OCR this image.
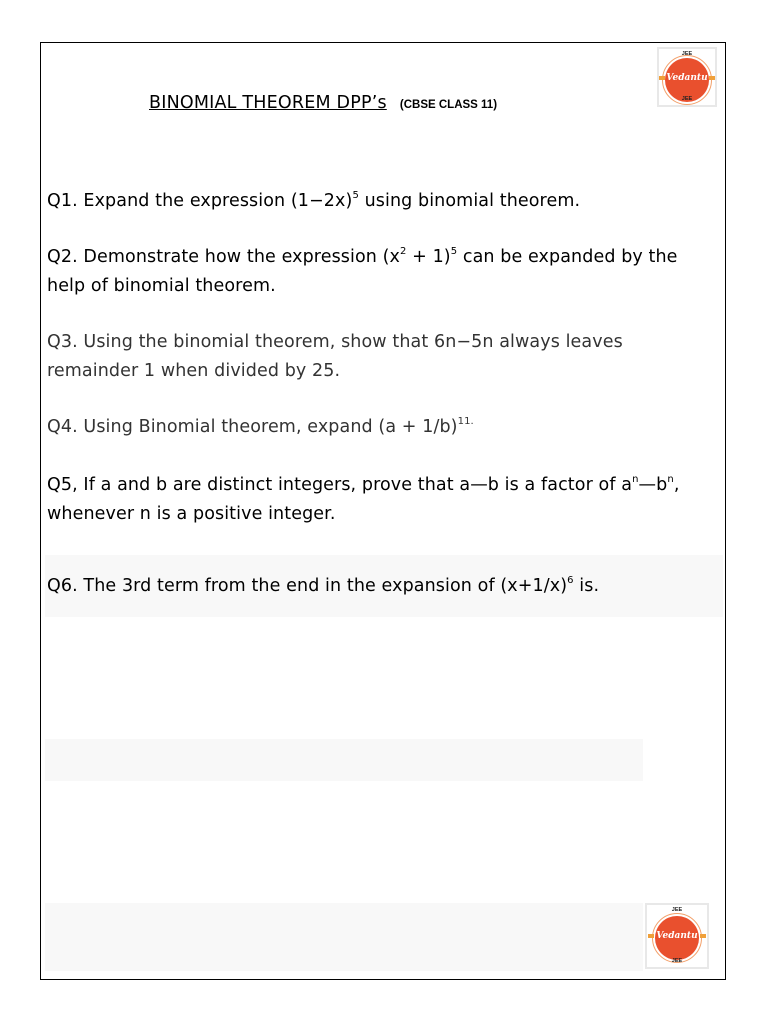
BINOMIAL THEOREM DPP’s (CBSE CLASS 11)
Vedantu
JEE
JEE
Q1. Expand the expression $(1-2x)^5$ using binomial theorem.
Q2. Demonstrate how the expression $(x^2 + 1)^5$ can be expanded by the help of binomial theorem.
Q3. Using the binomial theorem, show that 6n−5n always leaves remainder 1 when divided by 25.
Q4. Using Binomial theorem, expand $(a + 1/b)^{11.}$
Q5, If a and b are distinct integers, prove that a—b is a factor of $a^n—b^n$, whenever n is a positive integer.
Q6. The 3rd term from the end in the expansion of $(x+1/x)^6$ is.
Vedantu
JEE
JEE
